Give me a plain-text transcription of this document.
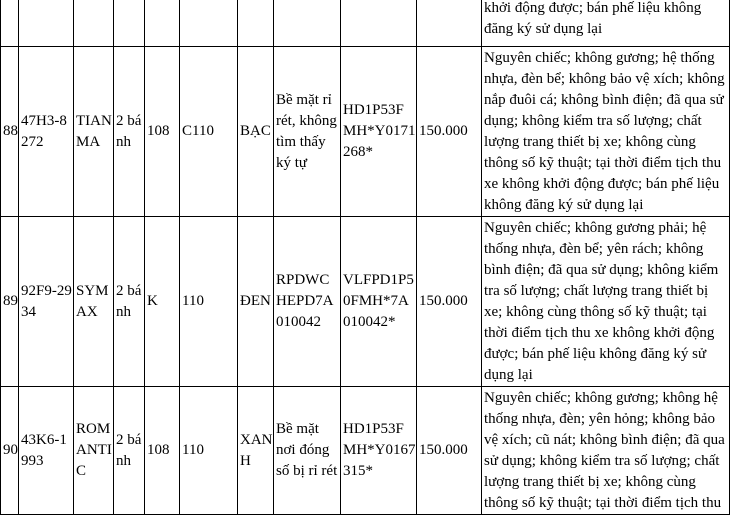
										khởi động được; bán phế liệu không
đăng ký sử dụng lại
88	47H3-8272	TIAN MA	2 bánh	108	C110	BẠC	Bề mặt rỉ rét, không tìm thấy ký tự	HD1P53FMH*Y0171268*	150.000	Nguyên chiếc; không gương; hệ thống nhựa, đèn bể; không bảo vệ xích; không nắp đuôi cá; không bình điện; đã qua sử dụng; không kiểm tra số lượng; chất lượng trang thiết bị xe; không cùng thông số kỹ thuật; tại thời điểm tịch thu xe không khởi động được; bán phế liệu không đăng ký sử dụng lại
89	92F9-2934	SYMAX	2 bánh	K	110	ĐEN	RPDWCHEPD7A010042	VLFPD1P50FMH*7A010042*	150.000	Nguyên chiếc; không gương phải; hệ thống nhựa, đèn bể; yên rách; không bình điện; đã qua sử dụng; không kiểm tra số lượng; chất lượng trang thiết bị xe; không cùng thông số kỹ thuật; tại thời điểm tịch thu xe không khởi động được; bán phế liệu không đăng ký sử dụng lại
90	43K6-1993	ROMANTIC	2 bánh	108	110	XANH	Bề mặt nơi đóng số bị rỉ rét	HD1P53FMH*Y0167315*	150.000	Nguyên chiếc; không gương; không hệ thống nhựa, đèn; yên hỏng; không bảo vệ xích; cũ nát; không bình điện; đã qua sử dụng; không kiểm tra số lượng; chất lượng trang thiết bị xe; không cùng thông số kỹ thuật; tại thời điểm tịch thu
